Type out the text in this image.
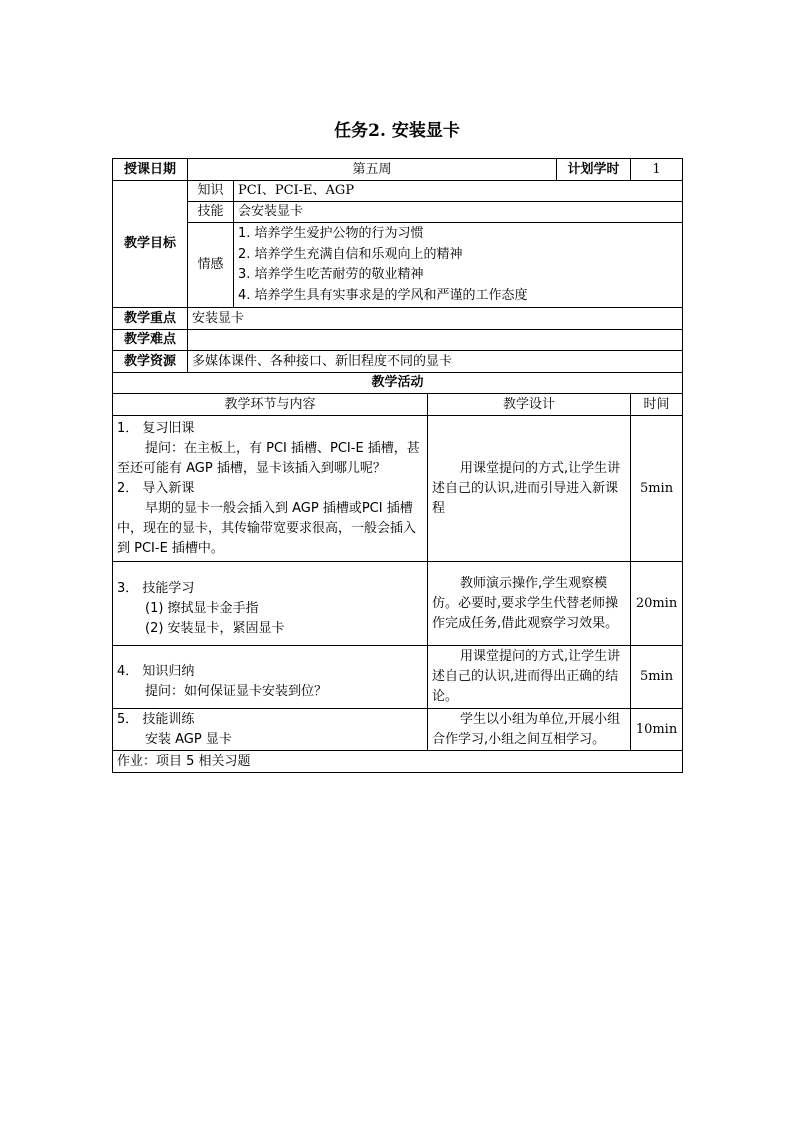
任务2. 安装显卡
授课日期	第五周			计划学时	1
教学目标	知识	PCI、PCI-E、AGP			
	技能	会安装显卡			
	情感	1. 培养学生爱护公物的行为习惯
2. 培养学生充满自信和乐观向上的精神
3. 培养学生吃苦耐劳的敬业精神
4. 培养学生具有实事求是的学风和严谨的工作态度			

教学重点	安装显卡				
教学难点					
教学资源	多媒体课件、各种接口、新旧程度不同的显卡				
教学活动					
教学环节与内容			教学设计		时间

1． 复习旧课
提问：在主板上，有 PCI 插槽、PCI-E 插槽，甚至还可能有 AGP 插槽，显卡该插入到哪儿呢？
2． 导入新课
早期的显卡一般会插入到 AGP 插槽或PCI 插槽中，现在的显卡，其传输带宽要求很高，一般会插入到 PCI-E 插槽中。			用课堂提问的方式,让学生讲述自己的认识,进而引导进入新课程		5min

3． 技能学习
(1) 擦拭显卡金手指
(2) 安装显卡，紧固显卡			教师演示操作,学生观察模仿。必要时,要求学生代替老师操作完成任务,借此观察学习效果。		20min

4． 知识归纳
提问：如何保证显卡安装到位？			用课堂提问的方式,让学生讲述自己的认识,进而得出正确的结论。		5min

5． 技能训练
安装 AGP 显卡			学生以小组为单位,开展小组合作学习,小组之间互相学习。		10min
作业：项目 5 相关习题					
